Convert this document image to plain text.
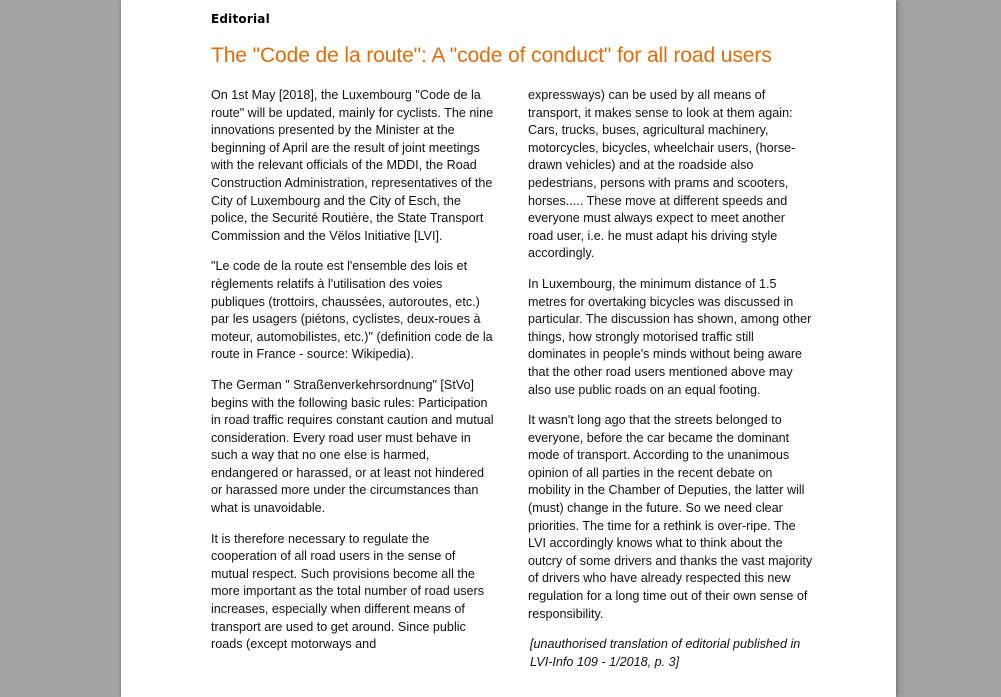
Editorial
The "Code de la route": A "code of conduct" for all road users

On 1st May [2018], the Luxembourg "Code de la route" will be updated, mainly for cyclists. The nine innovations presented by the Minister at the beginning of April are the result of joint meetings with the relevant officials of the MDDI, the Road Construction Administration, representatives of the City of Luxembourg and the City of Esch, the police, the Securité Routière, the State Transport Commission and the Vëlos Initiative [LVI].

"Le code de la route est l'ensemble des lois et règlements relatifs à l'utilisation des voies publiques (trottoirs, chaussées, autoroutes, etc.) par les usagers (piétons, cyclistes, deux-roues à moteur, automobilistes, etc.)" (definition code de la route in France - source: Wikipedia).

The German " Straßenverkehrsordnung" [StVo] begins with the following basic rules: Participation in road traffic requires constant caution and mutual consideration. Every road user must behave in such a way that no one else is harmed, endangered or harassed, or at least not hindered or harassed more under the circumstances than what is unavoidable.

It is therefore necessary to regulate the cooperation of all road users in the sense of mutual respect. Such provisions become all the more important as the total number of road users increases, especially when different means of transport are used to get around. Since public roads (except motorways and

expressways) can be used by all means of transport, it makes sense to look at them again: Cars, trucks, buses, agricultural machinery, motorcycles, bicycles, wheelchair users, (horse-drawn vehicles) and at the roadside also pedestrians, persons with prams and scooters, horses..... These move at different speeds and everyone must always expect to meet another road user, i.e. he must adapt his driving style accordingly.

In Luxembourg, the minimum distance of 1.5 metres for overtaking bicycles was discussed in particular. The discussion has shown, among other things, how strongly motorised traffic still dominates in people's minds without being aware that the other road users mentioned above may also use public roads on an equal footing.

It wasn't long ago that the streets belonged to everyone, before the car became the dominant mode of transport. According to the unanimous opinion of all parties in the recent debate on mobility in the Chamber of Deputies, the latter will (must) change in the future. So we need clear priorities. The time for a rethink is over-ripe. The LVI accordingly knows what to think about the outcry of some drivers and thanks the vast majority of drivers who have already respected this new regulation for a long time out of their own sense of responsibility.

[unauthorised translation of editorial published in LVI-Info 109 - 1/2018, p. 3]
